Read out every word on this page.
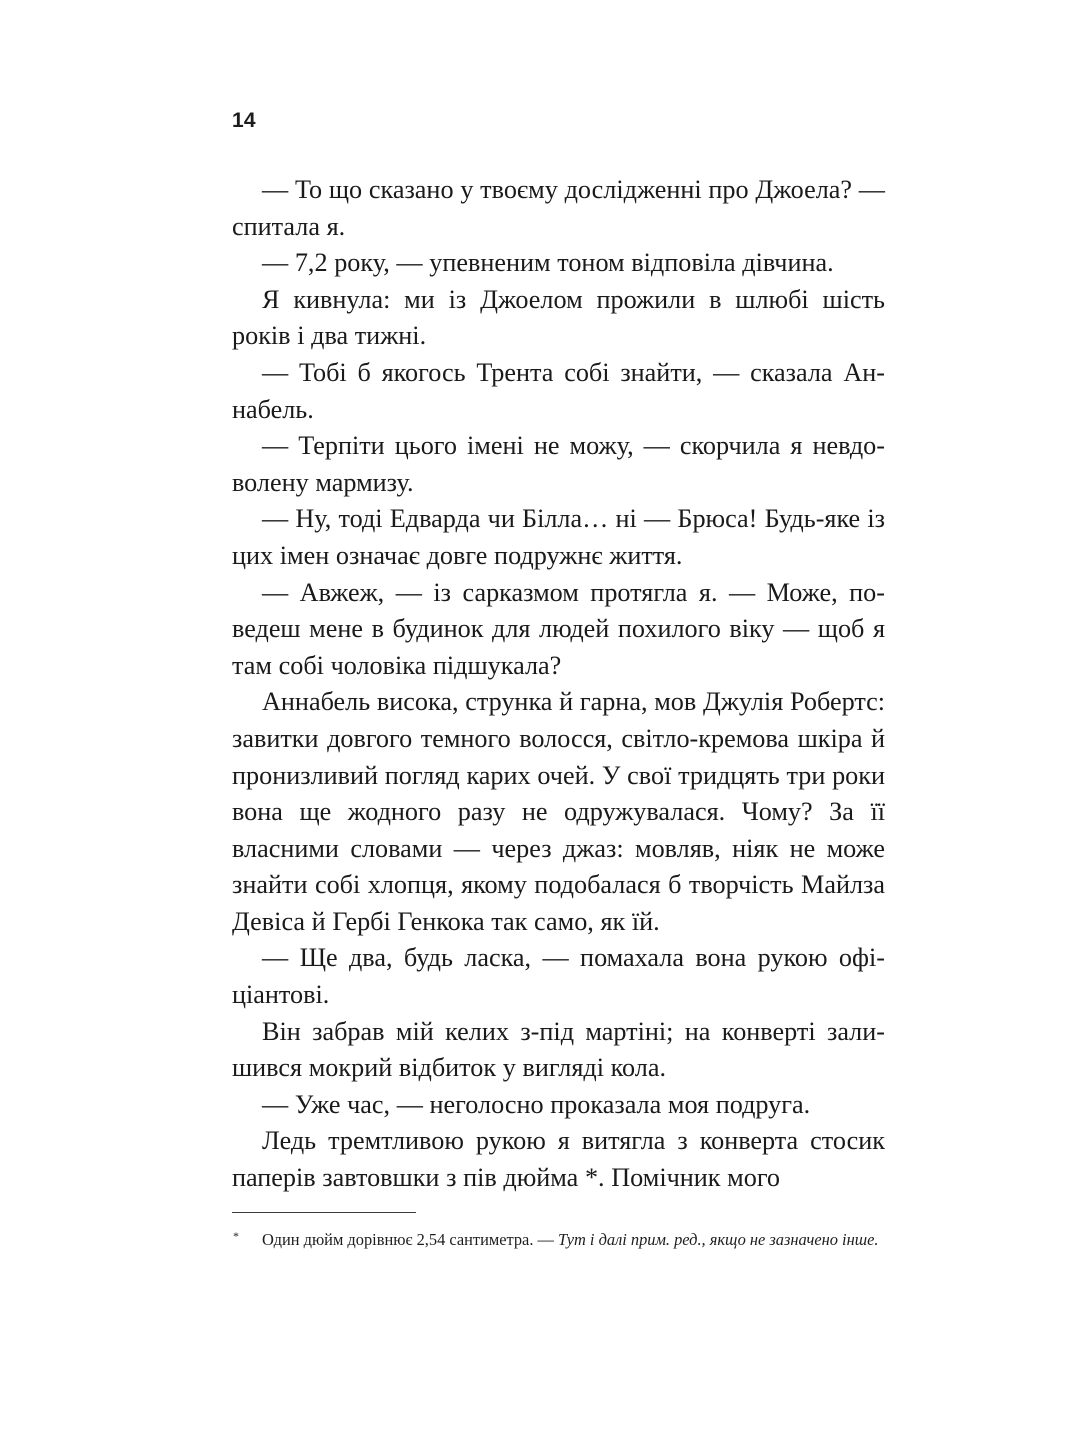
14

— То що сказано у твоєму дослідженні про Джоела? — спитала я.

— 7,2 року, — упевненим тоном відповіла дівчина.

Я кивнула: ми із Джоелом прожили в шлюбі шість років і два тижні.

— Тобі б якогось Трента собі знайти, — сказала Аннабель.

— Терпіти цього імені не можу, — скорчила я невдоволену мармизу.

— Ну, тоді Едварда чи Білла… ні — Брюса! Будь-яке із цих імен означає довге подружнє життя.

— Авжеж, — із сарказмом протягла я. — Може, поведеш мене в будинок для людей похилого віку — щоб я там собі чоловіка підшукала?

Аннабель висока, струнка й гарна, мов Джулія Робертс: завитки довгого темного волосся, світло-кремова шкіра й пронизливий погляд карих очей. У свої тридцять три роки вона ще жодного разу не одружувалася. Чому? За її власними словами — через джаз: мовляв, ніяк не може знайти собі хлопця, якому подобалася б творчість Майлза Девіса й Гербі Генкока так само, як їй.

— Ще два, будь ласка, — помахала вона рукою офіціантові.

Він забрав мій келих з-під мартіні; на конверті залишився мокрий відбиток у вигляді кола.

— Уже час, — неголосно проказала моя подруга.

Ледь тремтливою рукою я витягла з конверта стосик паперів завтовшки з пів дюйма *. Помічник мого

* Один дюйм дорівнює 2,54 сантиметра. — Тут і далі прим. ред., якщо не зазначено інше.
